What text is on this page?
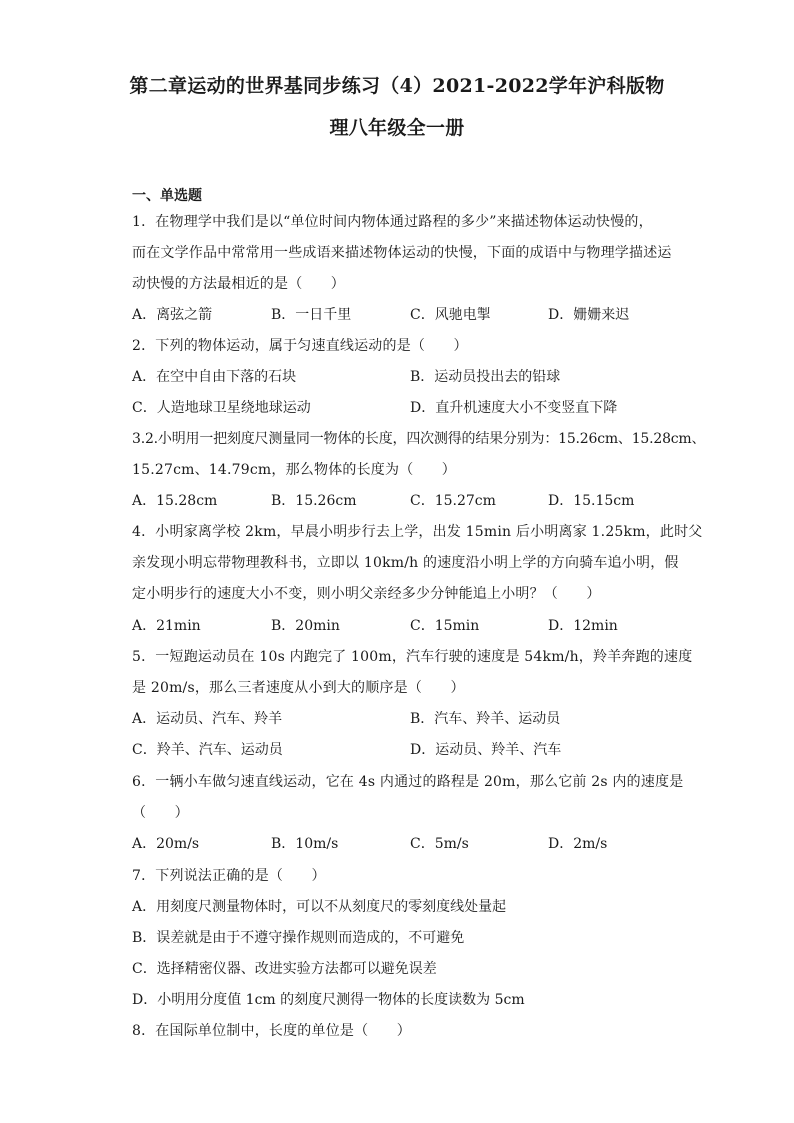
第二章运动的世界基同步练习（4）2021-2022学年沪科版物
理八年级全一册
一、单选题
1．在物理学中我们是以“单位时间内物体通过路程的多少”来描述物体运动快慢的，
而在文学作品中常常用一些成语来描述物体运动的快慢，下面的成语中与物理学描述运
动快慢的方法最相近的是（　　）
A．离弦之箭	B．一日千里	C．风驰电掣	D．姗姗来迟
2．下列的物体运动，属于匀速直线运动的是（　　）
A．在空中自由下落的石块	B．运动员投出去的铅球
C．人造地球卫星绕地球运动	D．直升机速度大小不变竖直下降
3.2.小明用一把刻度尺测量同一物体的长度，四次测得的结果分别为：15.26cm、15.28cm、
15.27cm、14.79cm，那么物体的长度为（　　）
A．15.28cm	B．15.26cm	C．15.27cm	D．15.15cm
4．小明家离学校 2km，早晨小明步行去上学，出发 15min 后小明离家 1.25km，此时父
亲发现小明忘带物理教科书，立即以 10km/h 的速度沿小明上学的方向骑车追小明，假
定小明步行的速度大小不变，则小明父亲经多少分钟能追上小明？（　　）
A．21min	B．20min	C．15min	D．12min
5．一短跑运动员在 10s 内跑完了 100m，汽车行驶的速度是 54km/h，羚羊奔跑的速度
是 20m/s，那么三者速度从小到大的顺序是（　　）
A．运动员、汽车、羚羊	B．汽车、羚羊、运动员
C．羚羊、汽车、运动员	D．运动员、羚羊、汽车
6．一辆小车做匀速直线运动，它在 4s 内通过的路程是 20m，那么它前 2s 内的速度是
（　　）
A．20m/s	B．10m/s	C．5m/s	D．2m/s
7．下列说法正确的是（　　）
A．用刻度尺测量物体时，可以不从刻度尺的零刻度线处量起
B．误差就是由于不遵守操作规则而造成的，不可避免
C．选择精密仪器、改进实验方法都可以避免误差
D．小明用分度值 1cm 的刻度尺测得一物体的长度读数为 5cm
8．在国际单位制中，长度的单位是（　　）
